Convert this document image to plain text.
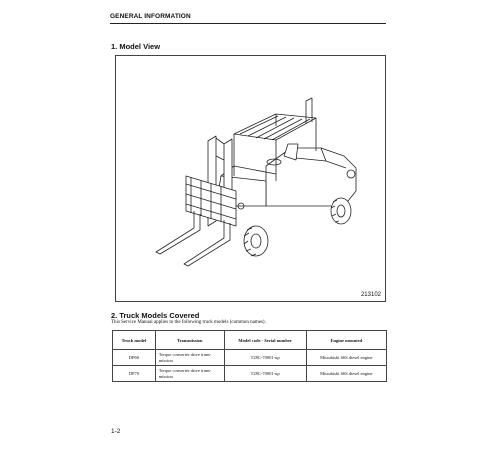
GENERAL INFORMATION
1. Model View
213102
2. Truck Models Covered
This Service Manual applies to the following truck models (common names).
Truck model	Transmission	Model code - Serial number	Engine mounted
DP60	Torque converter drive trans-mission	T28C-70001-up	Mitsubishi S6S diesel engine
DP70	Torque converter drive trans-mission	T28C-70001-up	Mitsubishi S6S diesel engine
1-2
